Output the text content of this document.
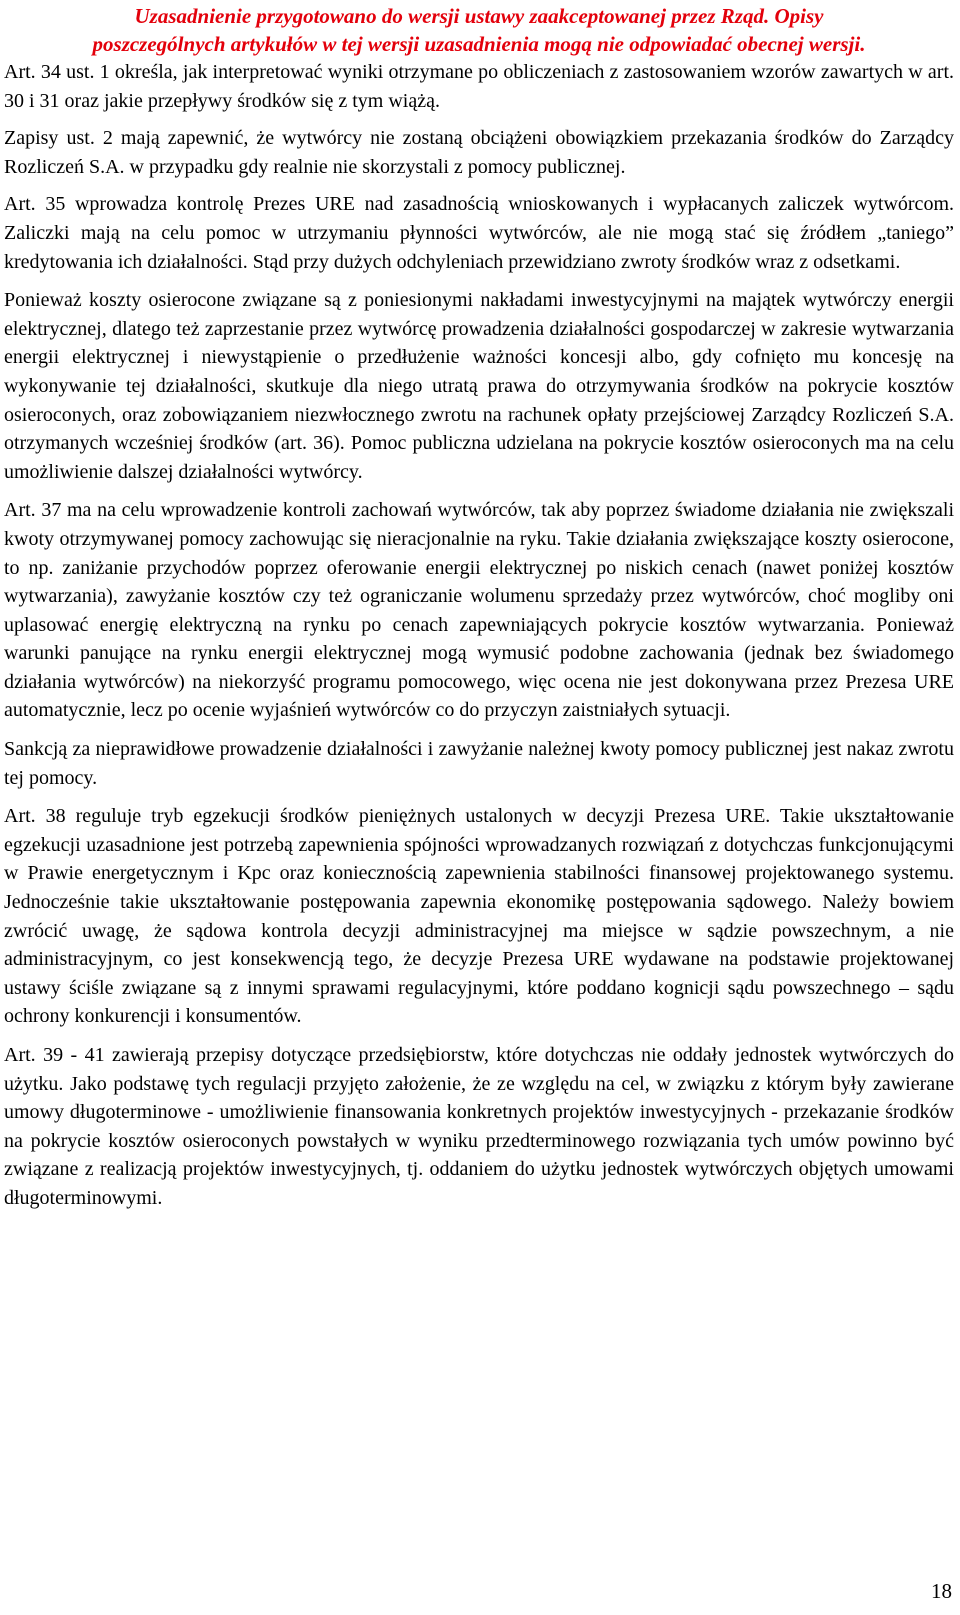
Uzasadnienie przygotowano do wersji ustawy zaakceptowanej przez Rząd. Opisy
poszczególnych artykułów w tej wersji uzasadnienia mogą nie odpowiadać obecnej wersji.

Art. 34 ust. 1 określa, jak interpretować wyniki otrzymane po obliczeniach z zastosowaniem wzorów zawartych w art. 30 i 31 oraz jakie przepływy środków się z tym wiążą.

Zapisy ust. 2 mają zapewnić, że wytwórcy nie zostaną obciążeni obowiązkiem przekazania środków do Zarządcy Rozliczeń S.A. w przypadku gdy realnie nie skorzystali z pomocy publicznej.

Art. 35 wprowadza kontrolę Prezes URE nad zasadnością wnioskowanych i wypłacanych zaliczek wytwórcom. Zaliczki mają na celu pomoc w utrzymaniu płynności wytwórców, ale nie mogą stać się źródłem „taniego” kredytowania ich działalności. Stąd przy dużych odchyleniach przewidziano zwroty środków wraz z odsetkami.

Ponieważ koszty osierocone związane są z poniesionymi nakładami inwestycyjnymi na majątek wytwórczy energii elektrycznej, dlatego też zaprzestanie przez wytwórcę prowadzenia działalności gospodarczej w zakresie wytwarzania energii elektrycznej i niewystąpienie o przedłużenie ważności koncesji albo, gdy cofnięto mu koncesję na wykonywanie tej działalności, skutkuje dla niego utratą prawa do otrzymywania środków na pokrycie kosztów osieroconych, oraz zobowiązaniem niezwłocznego zwrotu na rachunek opłaty przejściowej Zarządcy Rozliczeń S.A. otrzymanych wcześniej środków (art. 36). Pomoc publiczna udzielana na pokrycie kosztów osieroconych ma na celu umożliwienie dalszej działalności wytwórcy.

Art. 37 ma na celu wprowadzenie kontroli zachowań wytwórców, tak aby poprzez świadome działania nie zwiększali kwoty otrzymywanej pomocy zachowując się nieracjonalnie na ryku. Takie działania zwiększające koszty osierocone, to np. zaniżanie przychodów poprzez oferowanie energii elektrycznej po niskich cenach (nawet poniżej kosztów wytwarzania), zawyżanie kosztów czy też ograniczanie wolumenu sprzedaży przez wytwórców, choć mogliby oni uplasować energię elektryczną na rynku po cenach zapewniających pokrycie kosztów wytwarzania. Ponieważ warunki panujące na rynku energii elektrycznej mogą wymusić podobne zachowania (jednak bez świadomego działania wytwórców) na niekorzyść programu pomocowego, więc ocena nie jest dokonywana przez Prezesa URE automatycznie, lecz po ocenie wyjaśnień wytwórców co do przyczyn zaistniałych sytuacji.

Sankcją za nieprawidłowe prowadzenie działalności i zawyżanie należnej kwoty pomocy publicznej jest nakaz zwrotu tej pomocy.

Art. 38 reguluje tryb egzekucji środków pieniężnych ustalonych w decyzji Prezesa URE. Takie ukształtowanie egzekucji uzasadnione jest potrzebą zapewnienia spójności wprowadzanych rozwiązań z dotychczas funkcjonującymi w Prawie energetycznym i Kpc oraz koniecznością zapewnienia stabilności finansowej projektowanego systemu. Jednocześnie takie ukształtowanie postępowania zapewnia ekonomikę postępowania sądowego. Należy bowiem zwrócić uwagę, że sądowa kontrola decyzji administracyjnej ma miejsce w sądzie powszechnym, a nie administracyjnym, co jest konsekwencją tego, że decyzje Prezesa URE wydawane na podstawie projektowanej ustawy ściśle związane są z innymi sprawami regulacyjnymi, które poddano kognicji sądu powszechnego – sądu ochrony konkurencji i konsumentów.

Art. 39 - 41 zawierają przepisy dotyczące przedsiębiorstw, które dotychczas nie oddały jednostek wytwórczych do użytku. Jako podstawę tych regulacji przyjęto założenie, że ze względu na cel, w związku z którym były zawierane umowy długoterminowe - umożliwienie finansowania konkretnych projektów inwestycyjnych - przekazanie środków na pokrycie kosztów osieroconych powstałych w wyniku przedterminowego rozwiązania tych umów powinno być związane z realizacją projektów inwestycyjnych, tj. oddaniem do użytku jednostek wytwórczych objętych umowami długoterminowymi.

18
